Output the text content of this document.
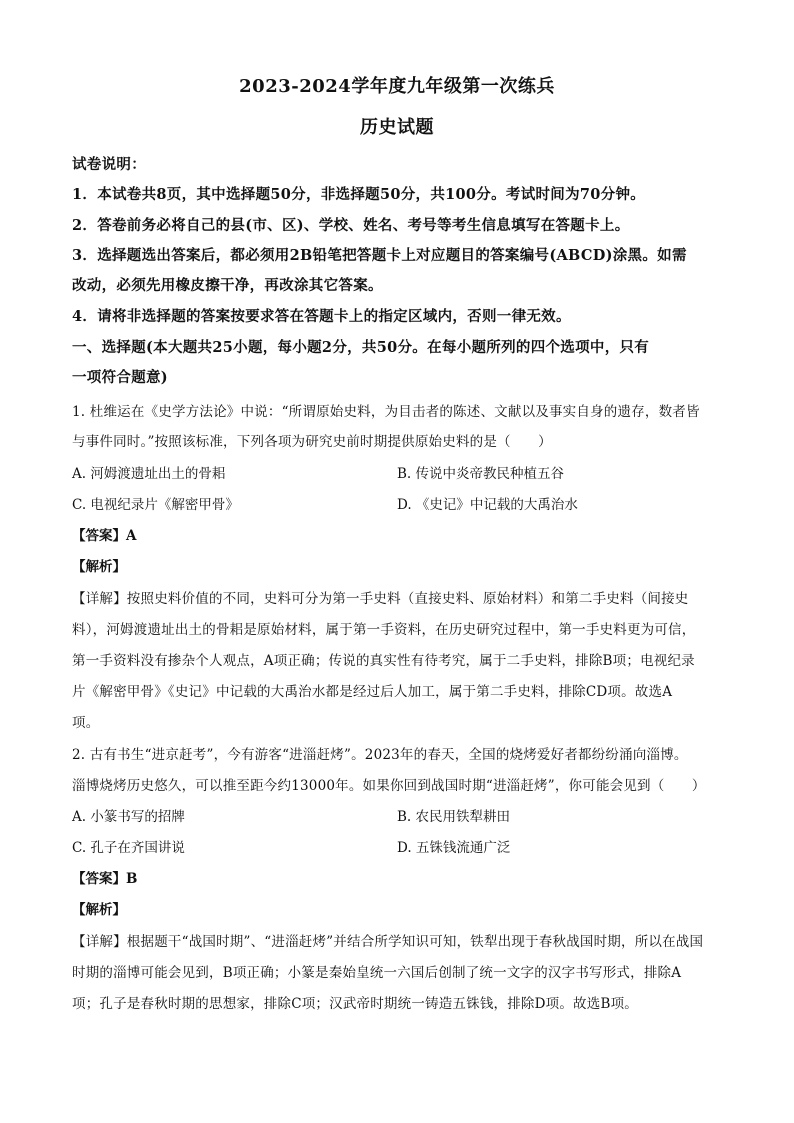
2023-2024学年度九年级第一次练兵
历史试题
试卷说明：
1．本试卷共8页，其中选择题50分，非选择题50分，共100分。考试时间为70分钟。
2．答卷前务必将自己的县(市、区)、学校、姓名、考号等考生信息填写在答题卡上。
3．选择题选出答案后，都必须用2B铅笔把答题卡上对应题目的答案编号(ABCD)涂黑。如需
改动，必须先用橡皮擦干净，再改涂其它答案。
4．请将非选择题的答案按要求答在答题卡上的指定区域内，否则一律无效。
一、选择题(本大题共25小题，每小题2分，共50分。在每小题所列的四个选项中，只有
一项符合题意)
1. 杜维运在《史学方法论》中说：“所谓原始史料，为目击者的陈述、文献以及事实自身的遗存，数者皆
与事件同时。”按照该标准，下列各项为研究史前时期提供原始史料的是（　　）
A. 河姆渡遗址出土的骨耜	B. 传说中炎帝教民种植五谷
C. 电视纪录片《解密甲骨》	D. 《史记》中记载的大禹治水
【答案】A
【解析】
【详解】按照史料价值的不同，史料可分为第一手史料（直接史料、原始材料）和第二手史料（间接史
料），河姆渡遗址出土的骨耜是原始材料，属于第一手资料，在历史研究过程中，第一手史料更为可信，
第一手资料没有掺杂个人观点，A项正确；传说的真实性有待考究，属于二手史料，排除B项；电视纪录
片《解密甲骨》《史记》中记载的大禹治水都是经过后人加工，属于第二手史料，排除CD项。故选A
项。
2. 古有书生“进京赶考”，今有游客“进淄赶烤”。2023年的春天，全国的烧烤爱好者都纷纷涌向淄博。
淄博烧烤历史悠久，可以推至距今约13000年。如果你回到战国时期“进淄赶烤”，你可能会见到（　　）
A. 小篆书写的招牌	B. 农民用铁犁耕田
C. 孔子在齐国讲说	D. 五铢钱流通广泛
【答案】B
【解析】
【详解】根据题干“战国时期”、“进淄赶烤”并结合所学知识可知，铁犁出现于春秋战国时期，所以在战国
时期的淄博可能会见到，B项正确；小篆是秦始皇统一六国后创制了统一文字的汉字书写形式，排除A
项；孔子是春秋时期的思想家，排除C项；汉武帝时期统一铸造五铢钱，排除D项。故选B项。
